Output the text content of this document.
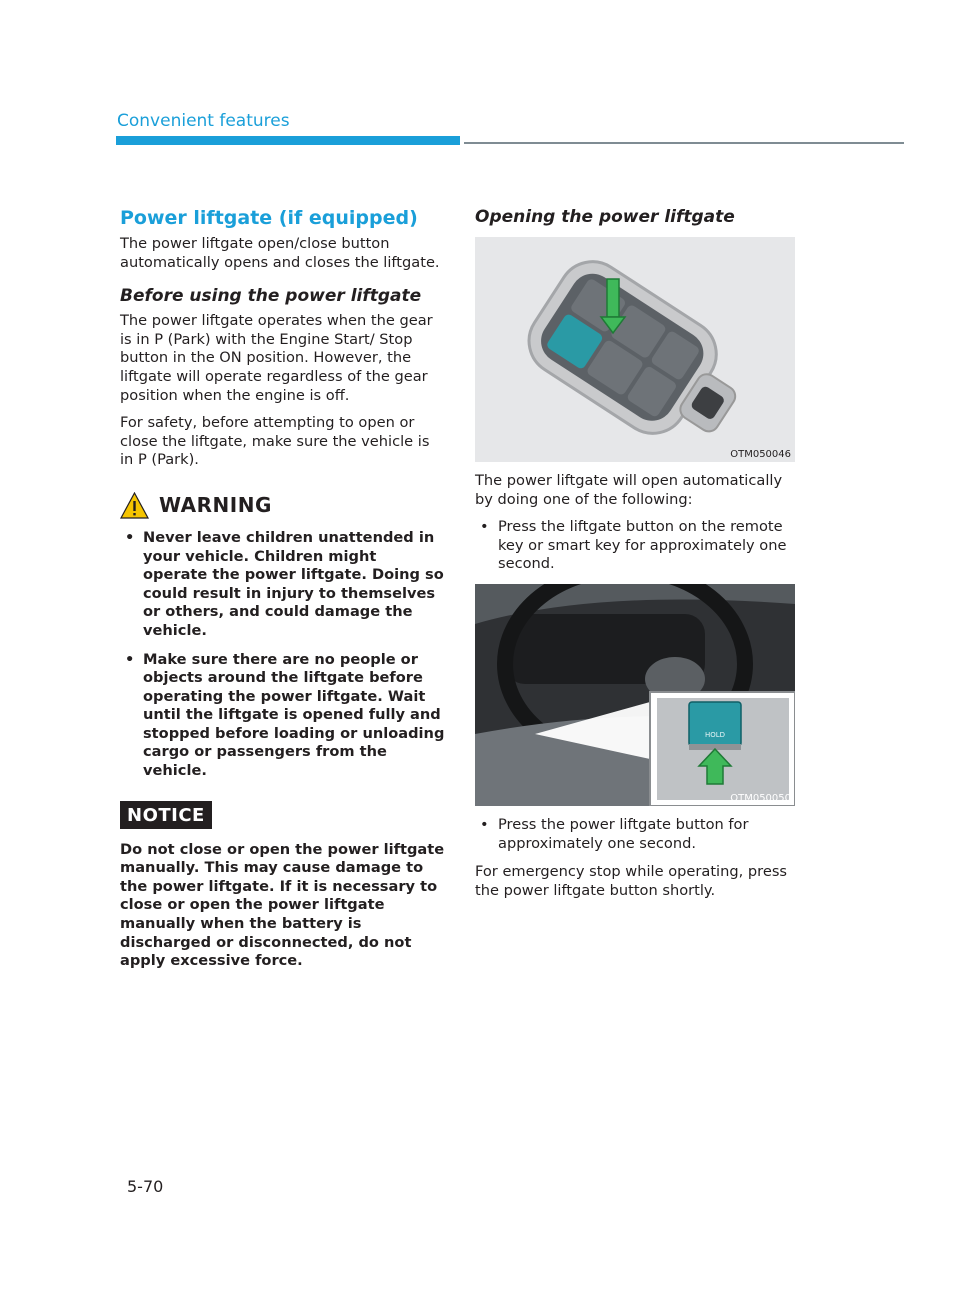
Convenient features
Power liftgate (if equipped)

The power liftgate open/close button automatically opens and closes the liftgate.

Before using the power liftgate

The power liftgate operates when the gear is in P (Park) with the Engine Start/ Stop button in the ON position. However, the liftgate will operate regardless of the gear position when the engine is off.

For safety, before attempting to open or close the liftgate, make sure the vehicle is in P (Park).

WARNING
• Never leave children unattended in your vehicle. Children might operate the power liftgate. Doing so could result in injury to themselves or others, and could damage the vehicle.
• Make sure there are no people or objects around the liftgate before operating the power liftgate. Wait until the liftgate is opened fully and stopped before loading or unloading cargo or passengers from the vehicle.
NOTICE

Do not close or open the power liftgate manually. This may cause damage to the power liftgate. If it is necessary to close or open the power liftgate manually when the battery is discharged or disconnected, do not apply excessive force.

Opening the power liftgate
OTM050046

The power liftgate will open automatically by doing one of the following:

• Press the liftgate button on the remote key or smart key for approximately one second.
HOLD
OTM050050
• Press the power liftgate button for approximately one second.

For emergency stop while operating, press the power liftgate button shortly.

5-70
